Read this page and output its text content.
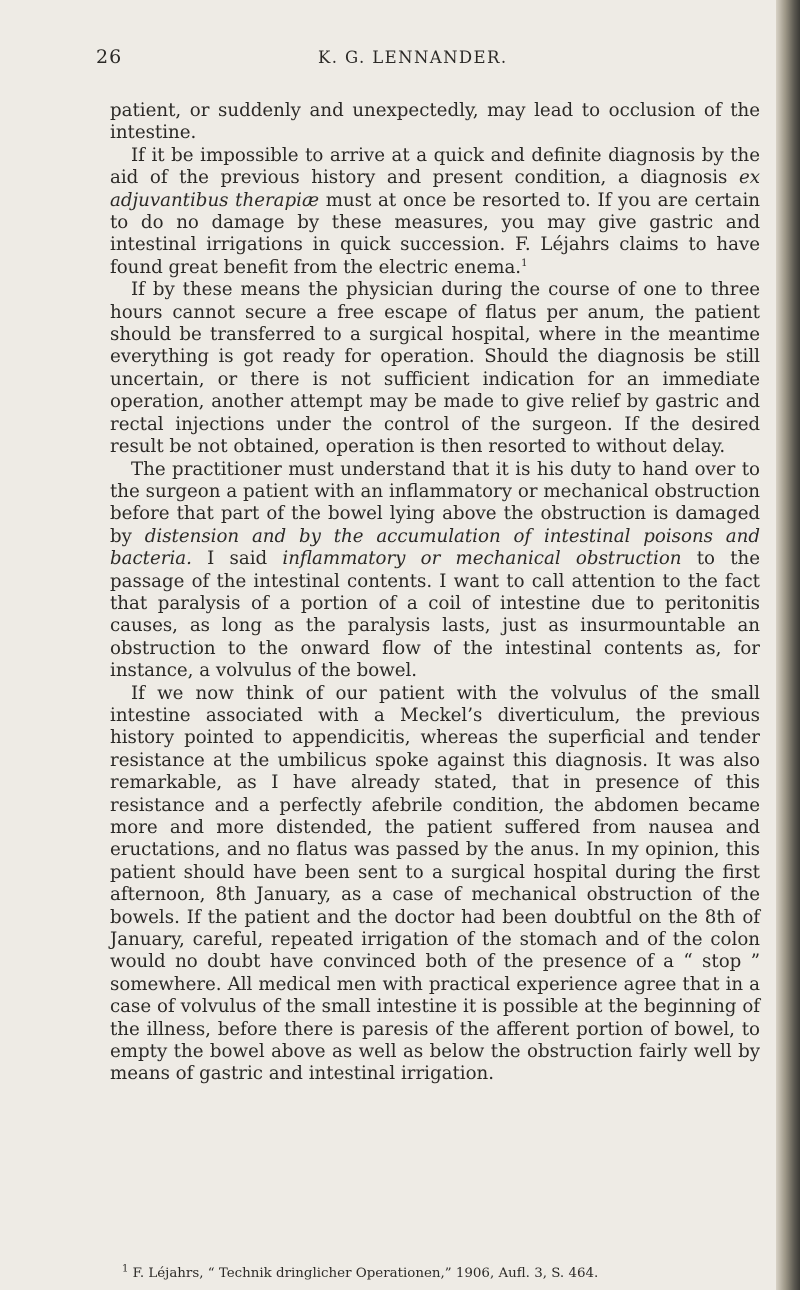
26	K. G. LENNANDER.

patient, or suddenly and unexpectedly, may lead to occlusion of the intestine.

If it be impossible to arrive at a quick and definite diagnosis by the aid of the previous history and present condition, a diagnosis ex adjuvantibus therapiæ must at once be resorted to. If you are certain to do no damage by these measures, you may give gastric and intestinal irrigations in quick succession. F. Léjahrs claims to have found great benefit from the electric enema.$^1$

If by these means the physician during the course of one to three hours cannot secure a free escape of flatus per anum, the patient should be transferred to a surgical hospital, where in the meantime everything is got ready for operation. Should the diagnosis be still uncertain, or there is not sufficient indication for an immediate operation, another attempt may be made to give relief by gastric and rectal injections under the control of the surgeon. If the desired result be not obtained, operation is then resorted to without delay.

The practitioner must understand that it is his duty to hand over to the surgeon a patient with an inflammatory or mechanical obstruction before that part of the bowel lying above the obstruction is damaged by distension and by the accumulation of intestinal poisons and bacteria. I said inflammatory or mechanical obstruction to the passage of the intestinal contents. I want to call attention to the fact that paralysis of a portion of a coil of intestine due to peritonitis causes, as long as the paralysis lasts, just as insurmountable an obstruction to the onward flow of the intestinal contents as, for instance, a volvulus of the bowel.

If we now think of our patient with the volvulus of the small intestine associated with a Meckel’s diverticulum, the previous history pointed to appendicitis, whereas the superficial and tender resistance at the umbilicus spoke against this diagnosis. It was also remarkable, as I have already stated, that in presence of this resistance and a perfectly afebrile condition, the abdomen became more and more distended, the patient suffered from nausea and eructations, and no flatus was passed by the anus. In my opinion, this patient should have been sent to a surgical hospital during the first afternoon, 8th January, as a case of mechanical obstruction of the bowels. If the patient and the doctor had been doubtful on the 8th of January, careful, repeated irrigation of the stomach and of the colon would no doubt have convinced both of the presence of a “ stop ” somewhere. All medical men with practical experience agree that in a case of volvulus of the small intestine it is possible at the beginning of the illness, before there is paresis of the afferent portion of bowel, to empty the bowel above as well as below the obstruction fairly well by means of gastric and intestinal irrigation.

$^1$ F. Léjahrs, “ Technik dringlicher Operationen,” 1906, Aufl. 3, S. 464.
